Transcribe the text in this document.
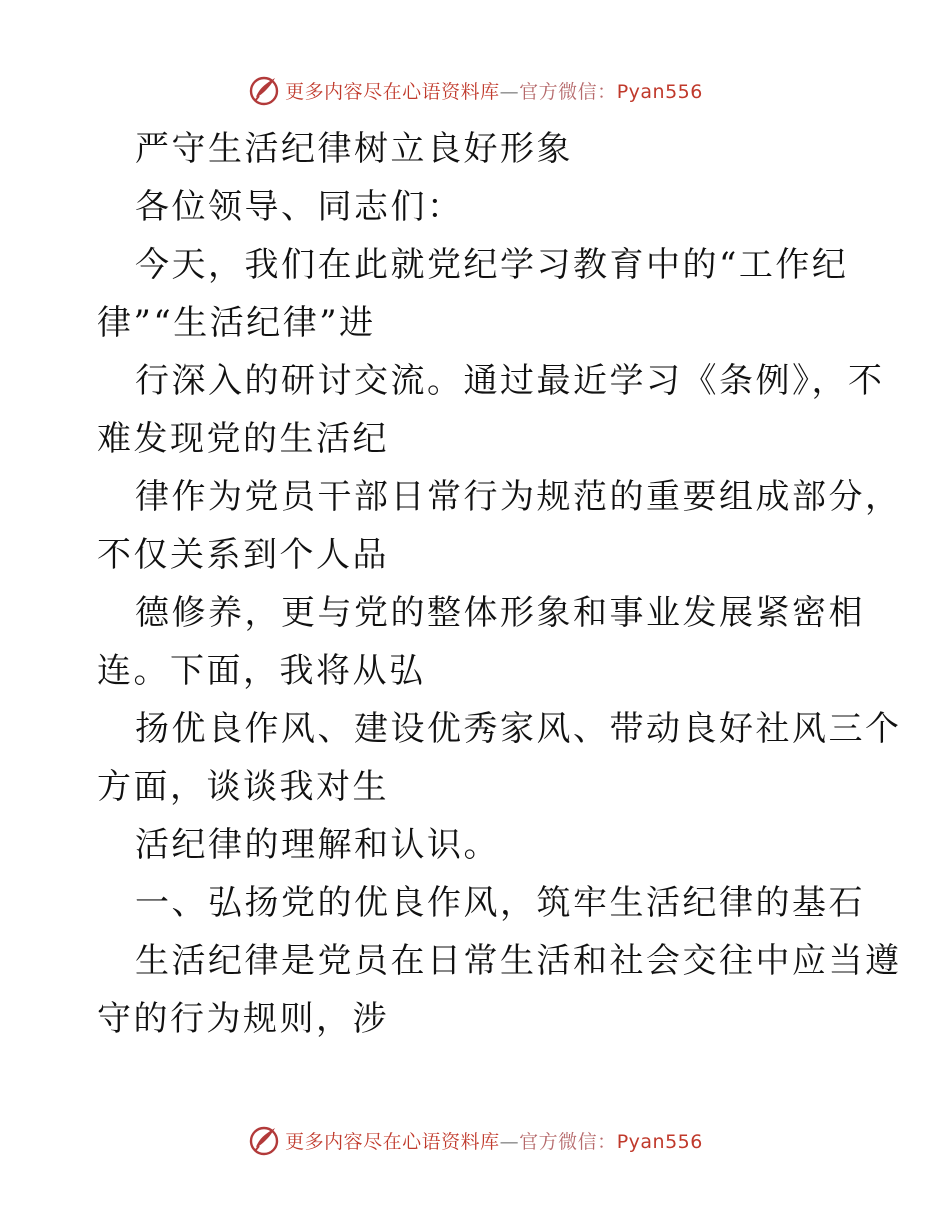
更多内容尽在心语资料库—官方微信：Pyan556

严守生活纪律树立良好形象

各位领导、同志们：

今天，我们在此就党纪学习教育中的“工作纪
律”“生活纪律”进

行深入的研讨交流。通过最近学习《条例》，不
难发现党的生活纪

律作为党员干部日常行为规范的重要组成部分，
不仅关系到个人品

德修养，更与党的整体形象和事业发展紧密相
连。下面，我将从弘

扬优良作风、建设优秀家风、带动良好社风三个
方面，谈谈我对生

活纪律的理解和认识。

一、弘扬党的优良作风，筑牢生活纪律的基石

生活纪律是党员在日常生活和社会交往中应当遵
守的行为规则，涉

更多内容尽在心语资料库—官方微信：Pyan556
